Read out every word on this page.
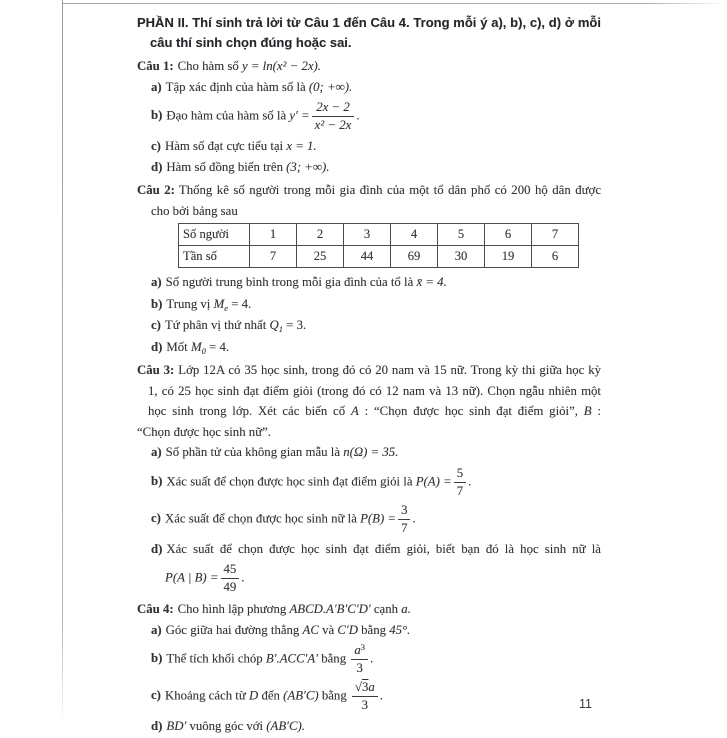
PHẦN II. Thí sinh trả lời từ Câu 1 đến Câu 4. Trong mỗi ý a), b), c), d) ở mỗi
câu thí sinh chọn đúng hoặc sai.
Câu 1: Cho hàm số y = ln(x² − 2x).
a) Tập xác định của hàm số là (0; +∞).
b) Đạo hàm của hàm số là $y' = \frac{2x - 2}{\text{x² − 2x}}$ .
c) Hàm số đạt cực tiểu tại x = 1.
d) Hàm số đồng biến trên (3; +∞).
Câu 2: Thống kê số người trong mỗi gia đình của một tổ dân phố có 200 hộ dân được
cho bởi bảng sau
Số người	1	2	3	4	5	6	7
Tần số	7	25	44	69	30	19	6
a) Số người trung bình trong mỗi gia đình của tổ là x̄ = 4.
b) Trung vị $M_e = 4$.
c) Tứ phân vị thứ nhất $Q_1 = 3$.
d) Mốt $M_0 = 4$.
Câu 3: Lớp 12A có 35 học sinh, trong đó có 20 nam và 15 nữ. Trong kỳ thi giữa học kỳ
1, có 25 học sinh đạt điểm giỏi (trong đó có 12 nam và 13 nữ). Chọn ngẫu nhiên một
học sinh trong lớp. Xét các biến cố A : “Chọn được học sinh đạt điểm giỏi”, B :
“Chọn được học sinh nữ”.
a) Số phần tử của không gian mẫu là n(Ω) = 35.
b) Xác suất để chọn được học sinh đạt điểm giỏi là $P(A) = \frac{5}{7}$ .
c) Xác suất để chọn được học sinh nữ là $P(B) = \frac{3}{7}$ .
d) Xác suất để chọn được học sinh đạt điểm giỏi, biết bạn đó là học sinh nữ là
P(A | $B) = \frac{45}{49}$ .
Câu 4: Cho hình lập phương ABCD.A′B′C′D′ cạnh a.
a) Góc giữa hai đường thẳng AC và C′D bằng 45°.
b) Thể tích khối chóp B′.ACC′A′ bằng $\frac{a^3}{3}$ .
c) Khoảng cách từ D đến (AB′C) bằng $\frac{√3a}{3}$ .
d) BD′ vuông góc với (AB′C).
11
